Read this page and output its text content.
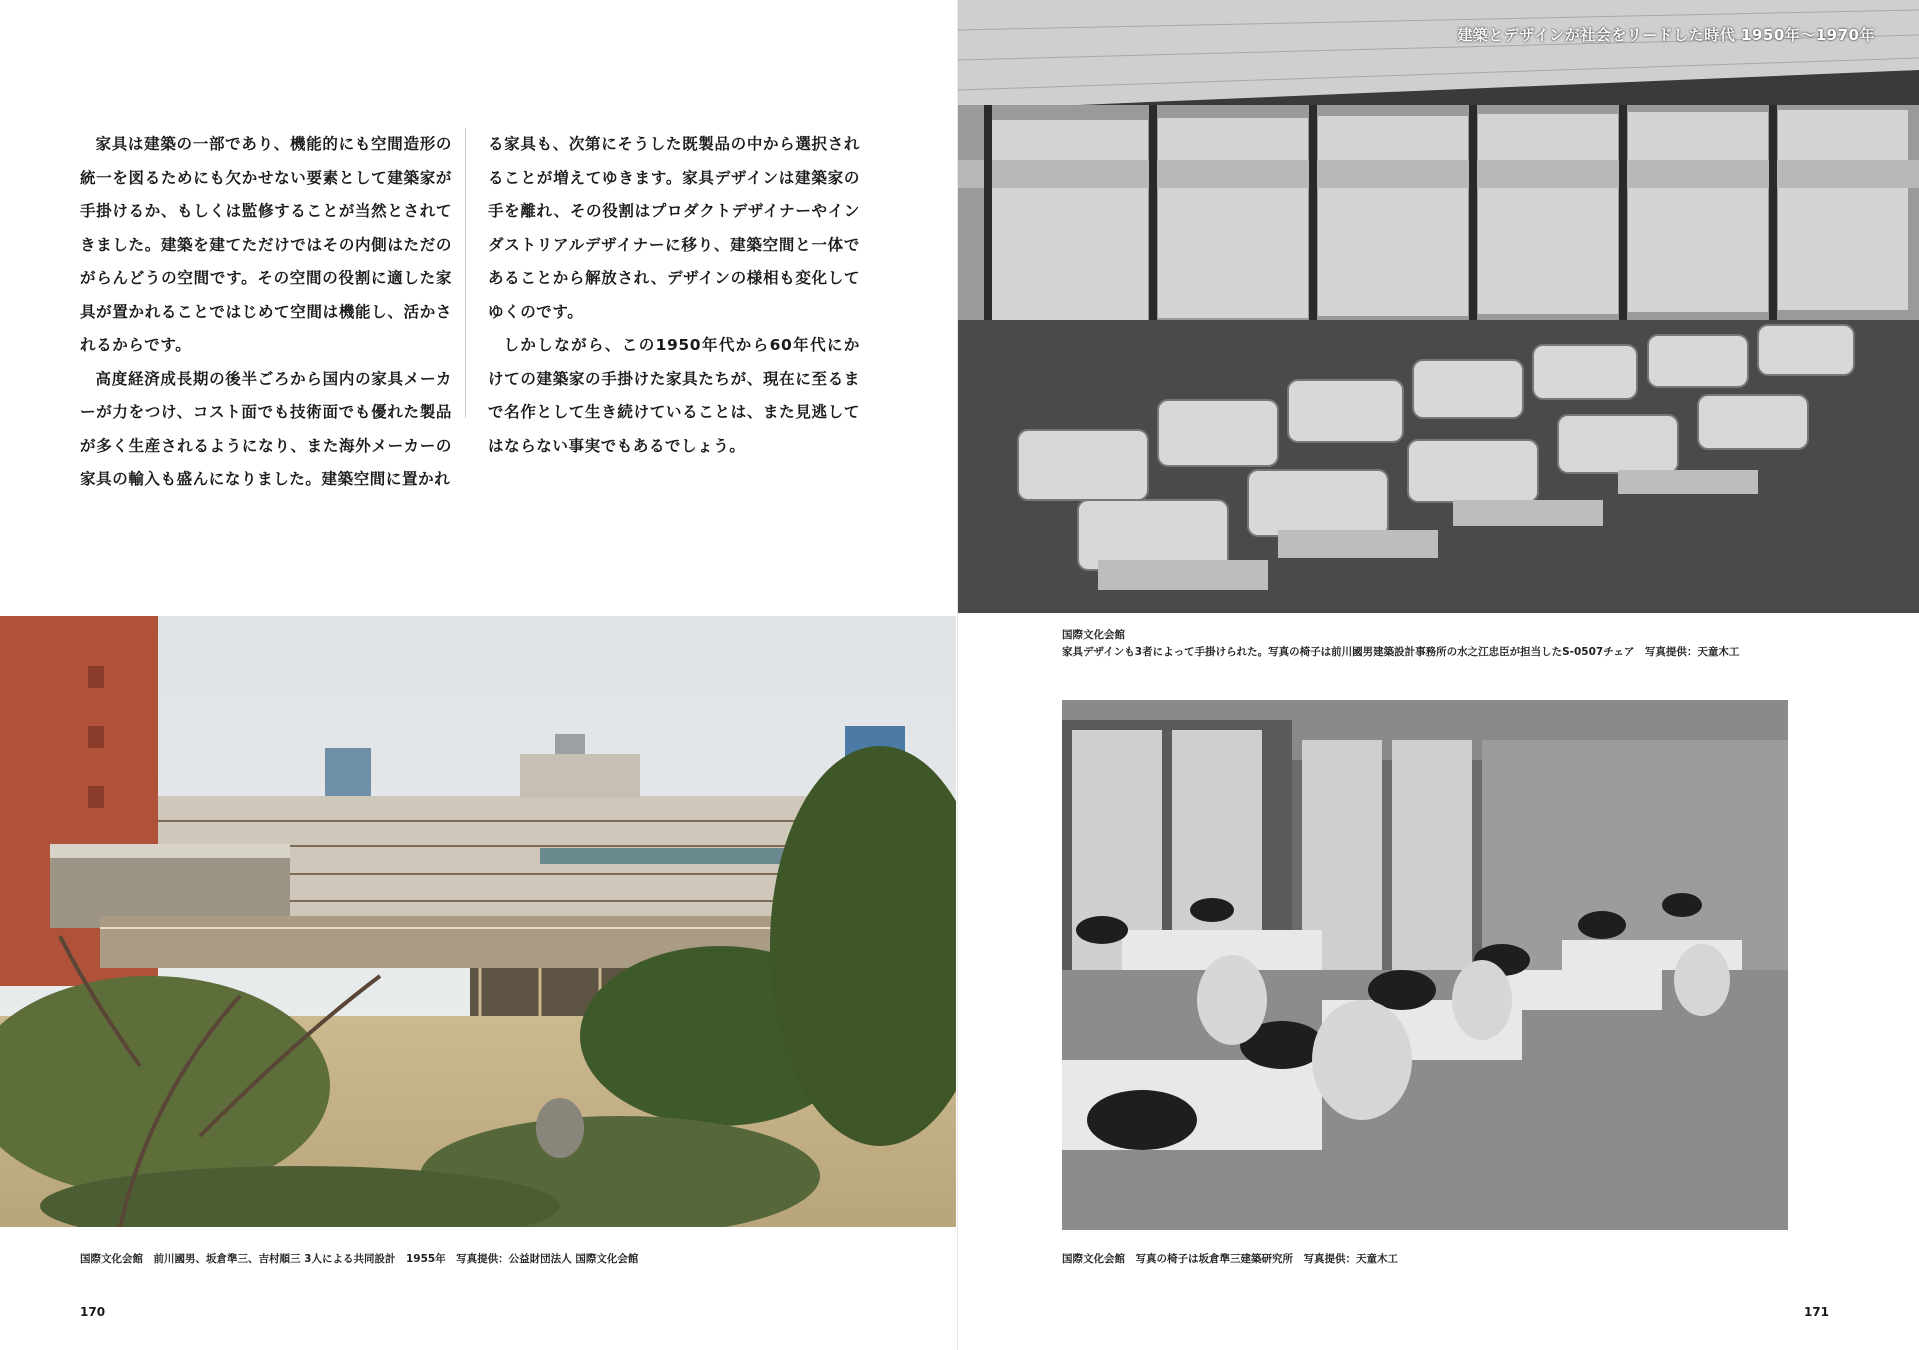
家具は建築の一部であり、機能的にも空間造形の統一を図るためにも欠かせない要素として建築家が手掛けるか、もしくは監修することが当然とされてきました。建築を建てただけではその内側はただのがらんどうの空間です。その空間の役割に適した家具が置かれることではじめて空間は機能し、活かされるからです。

高度経済成長期の後半ごろから国内の家具メーカーが力をつけ、コスト面でも技術面でも優れた製品が多く生産されるようになり、また海外メーカーの家具の輸入も盛んになりました。建築空間に置かれ

る家具も、次第にそうした既製品の中から選択されることが増えてゆきます。家具デザインは建築家の手を離れ、その役割はプロダクトデザイナーやインダストリアルデザイナーに移り、建築空間と一体であることから解放され、デザインの様相も変化してゆくのです。

しかしながら、この1950年代から60年代にかけての建築家の手掛けた家具たちが、現在に至るまで名作として生き続けていることは、また見逃してはならない事実でもあるでしょう。

国際文化会館　前川國男、坂倉準三、吉村順三 3人による共同設計　1955年　写真提供：公益財団法人 国際文化会館
170
建築とデザインが社会をリードした時代 1950年～1970年
国際文化会館
家具デザインも3者によって手掛けられた。写真の椅子は前川國男建築設計事務所の水之江忠臣が担当したS-0507チェア　写真提供：天童木工
国際文化会館　写真の椅子は坂倉準三建築研究所　写真提供：天童木工
171
